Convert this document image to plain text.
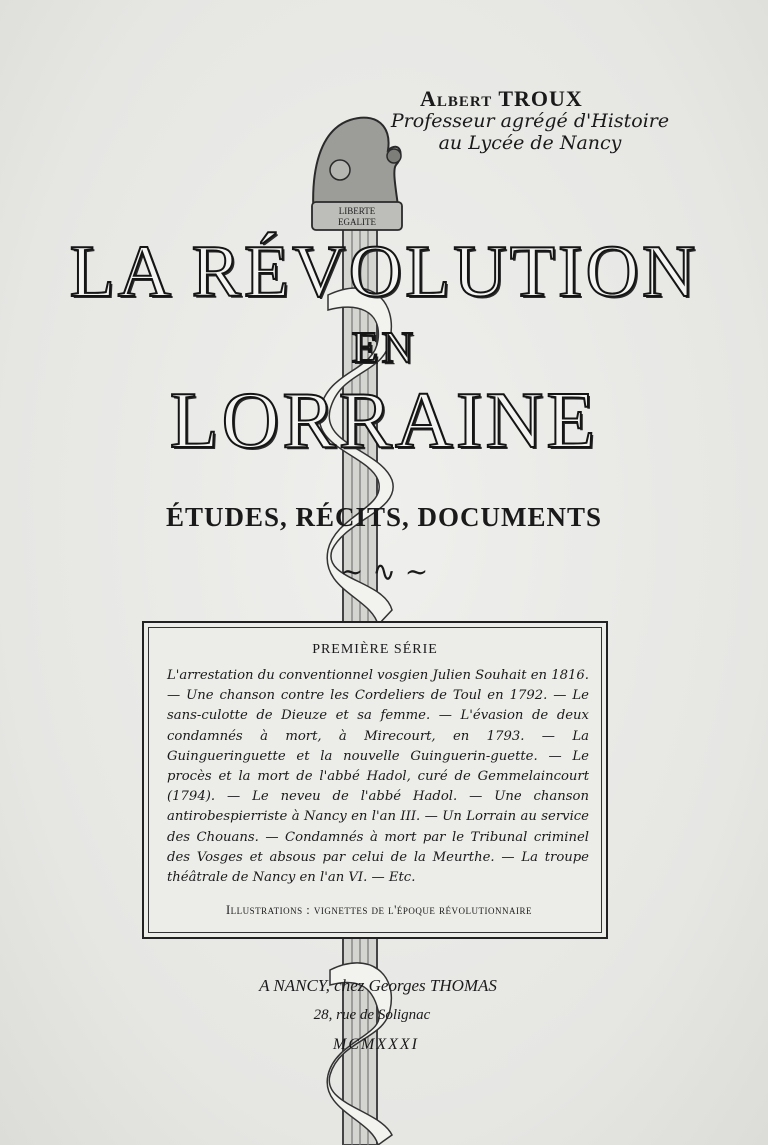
LIBERTE
EGALITE
Albert TROUX
Professeur agrégé d'Histoire
au Lycée de Nancy
LA RÉVOLUTION
EN
LORRAINE
ÉTUDES, RÉCITS, DOCUMENTS
~ ∿ ~
PREMIÈRE SÉRIE
L'arrestation du conventionnel vosgien Julien Souhait en 1816. — Une chanson contre les Cordeliers de Toul en 1792. — Le sans-culotte de Dieuze et sa femme. — L'évasion de deux condamnés à mort, à Mirecourt, en 1793. — La Guingueringuette et la nouvelle Guinguerin-guette. — Le procès et la mort de l'abbé Hadol, curé de Gemmelaincourt (1794). — Le neveu de l'abbé Hadol. — Une chanson antirobespierriste à Nancy en l'an III. — Un Lorrain au service des Chouans. — Condamnés à mort par le Tribunal criminel des Vosges et absous par celui de la Meurthe. — La troupe théâtrale de Nancy en l'an VI. — Etc.
Illustrations : vignettes de l'époque révolutionnaire
A NANCY, chez Georges THOMAS
28, rue de Solignac
MCMXXXI
